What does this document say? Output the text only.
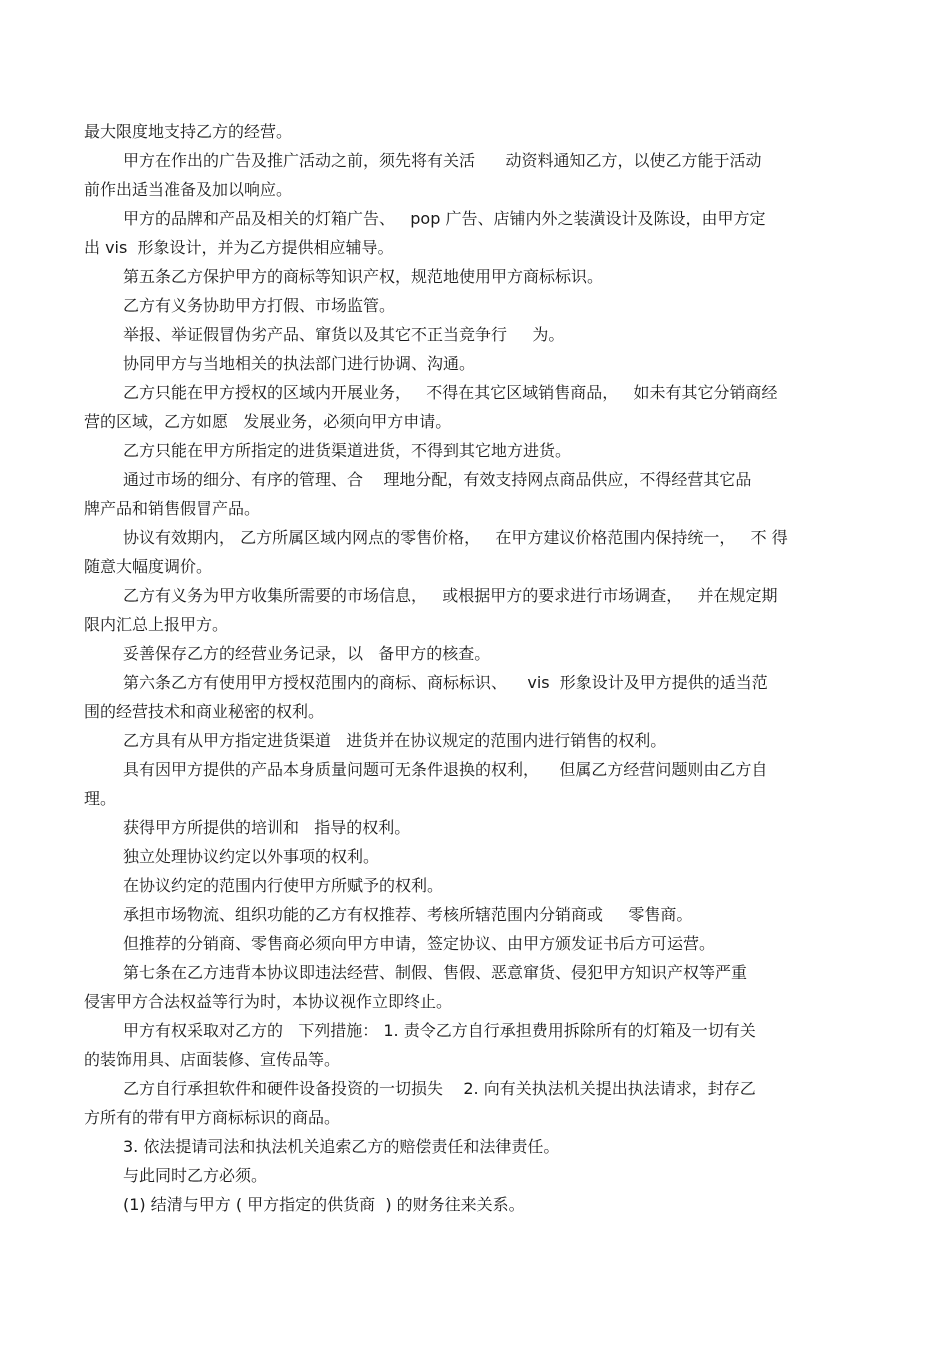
最大限度地支持乙方的经营。
甲方在作出的广告及推广活动之前，须先将有关活      动资料通知乙方，以使乙方能于活动
前作出适当准备及加以响应。
甲方的品牌和产品及相关的灯箱广告、   pop 广告、店铺内外之装潢设计及陈设，由甲方定
出 vis  形象设计，并为乙方提供相应辅导。
第五条乙方保护甲方的商标等知识产权，规范地使用甲方商标标识。
乙方有义务协助甲方打假、市场监管。
举报、举证假冒伪劣产品、窜货以及其它不正当竞争行     为。
协同甲方与当地相关的执法部门进行协调、沟通。
乙方只能在甲方授权的区域内开展业务，   不得在其它区域销售商品，   如未有其它分销商经
营的区域，乙方如愿   发展业务，必须向甲方申请。
乙方只能在甲方所指定的进货渠道进货，不得到其它地方进货。
通过市场的细分、有序的管理、合    理地分配，有效支持网点商品供应，不得经营其它品
牌产品和销售假冒产品。
协议有效期内， 乙方所属区域内网点的零售价格，   在甲方建议价格范围内保持统一，   不 得
随意大幅度调价。
乙方有义务为甲方收集所需要的市场信息，   或根据甲方的要求进行市场调查，   并在规定期
限内汇总上报甲方。
妥善保存乙方的经营业务记录，以   备甲方的核查。
第六条乙方有使用甲方授权范围内的商标、商标标识、    vis  形象设计及甲方提供的适当范
围的经营技术和商业秘密的权利。
乙方具有从甲方指定进货渠道   进货并在协议规定的范围内进行销售的权利。
具有因甲方提供的产品本身质量问题可无条件退换的权利，    但属乙方经营问题则由乙方自
理。
获得甲方所提供的培训和   指导的权利。
独立处理协议约定以外事项的权利。
在协议约定的范围内行使甲方所赋予的权利。
承担市场物流、组织功能的乙方有权推荐、考核所辖范围内分销商或     零售商。
但推荐的分销商、零售商必须向甲方申请，签定协议、由甲方颁发证书后方可运营。
第七条在乙方违背本协议即违法经营、制假、售假、恶意窜货、侵犯甲方知识产权等严重
侵害甲方合法权益等行为时，本协议视作立即终止。
甲方有权采取对乙方的   下列措施： 1. 责令乙方自行承担费用拆除所有的灯箱及一切有关
的装饰用具、店面装修、宣传品等。
乙方自行承担软件和硬件设备投资的一切损失    2. 向有关执法机关提出执法请求，封存乙
方所有的带有甲方商标标识的商品。
3. 依法提请司法和执法机关追索乙方的赔偿责任和法律责任。
与此同时乙方必须。
(1) 结清与甲方 ( 甲方指定的供货商  ) 的财务往来关系。
